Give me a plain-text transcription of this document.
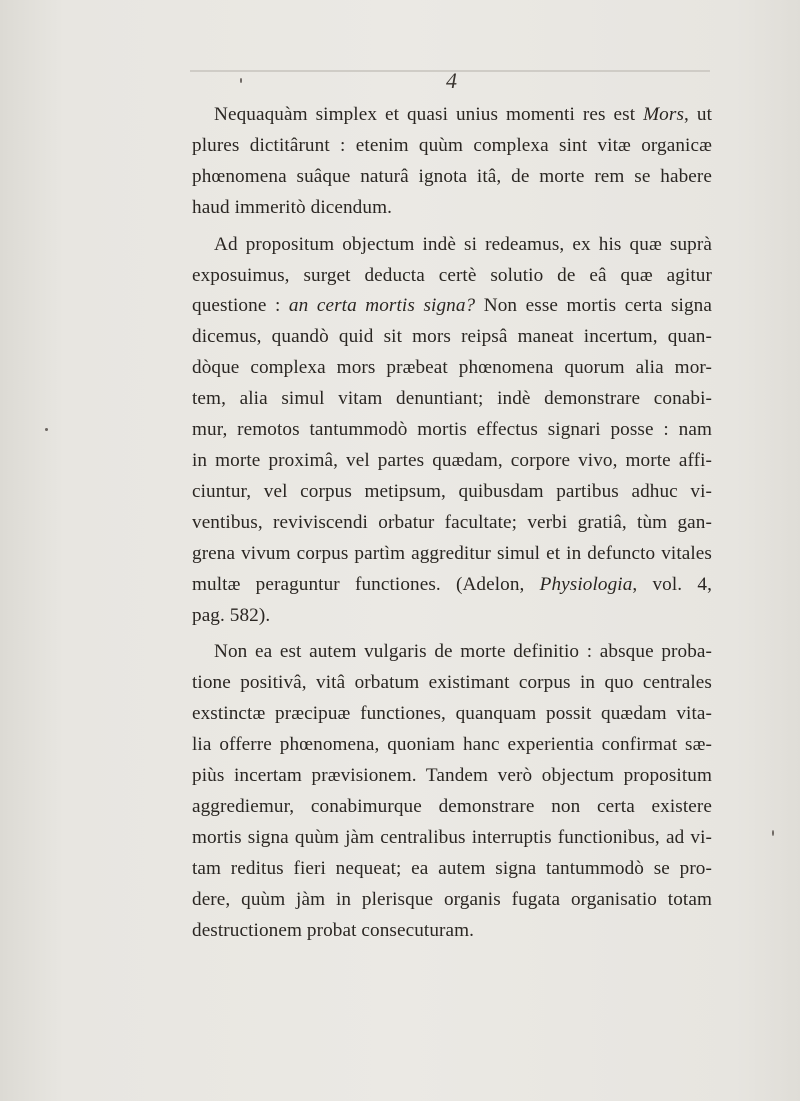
4
Nequaquàm simplex et quasi unius momenti res est Mors, ut
plures dictitârunt : etenim quùm complexa sint vitæ organicæ
phœnomena suâque naturâ ignota itâ, de morte rem se habere
haud immeritò dicendum.
Ad propositum objectum indè si redeamus, ex his quæ suprà
exposuimus, surget deducta certè solutio de eâ quæ agitur
questione : an certa mortis signa? Non esse mortis certa signa
dicemus, quandò quid sit mors reipsâ maneat incertum, quan-
dòque complexa mors præbeat phœnomena quorum alia mor-
tem, alia simul vitam denuntiant; indè demonstrare conabi-
mur, remotos tantummodò mortis effectus signari posse : nam
in morte proximâ, vel partes quædam, corpore vivo, morte affi-
ciuntur, vel corpus metipsum, quibusdam partibus adhuc vi-
ventibus, reviviscendi orbatur facultate; verbi gratiâ, tùm gan-
grena vivum corpus partìm aggreditur simul et in defuncto vitales
multæ peraguntur functiones. (Adelon, Physiologia, vol. 4,
pag. 582).
Non ea est autem vulgaris de morte definitio : absque proba-
tione positivâ, vitâ orbatum existimant corpus in quo centrales
exstinctæ præcipuæ functiones, quanquam possit quædam vita-
lia offerre phœnomena, quoniam hanc experientia confirmat sæ-
piùs incertam prævisionem. Tandem verò objectum propositum
aggrediemur, conabimurque demonstrare non certa existere
mortis signa quùm jàm centralibus interruptis functionibus, ad vi-
tam reditus fieri nequeat; ea autem signa tantummodò se pro-
dere, quùm jàm in plerisque organis fugata organisatio totam
destructionem probat consecuturam.
